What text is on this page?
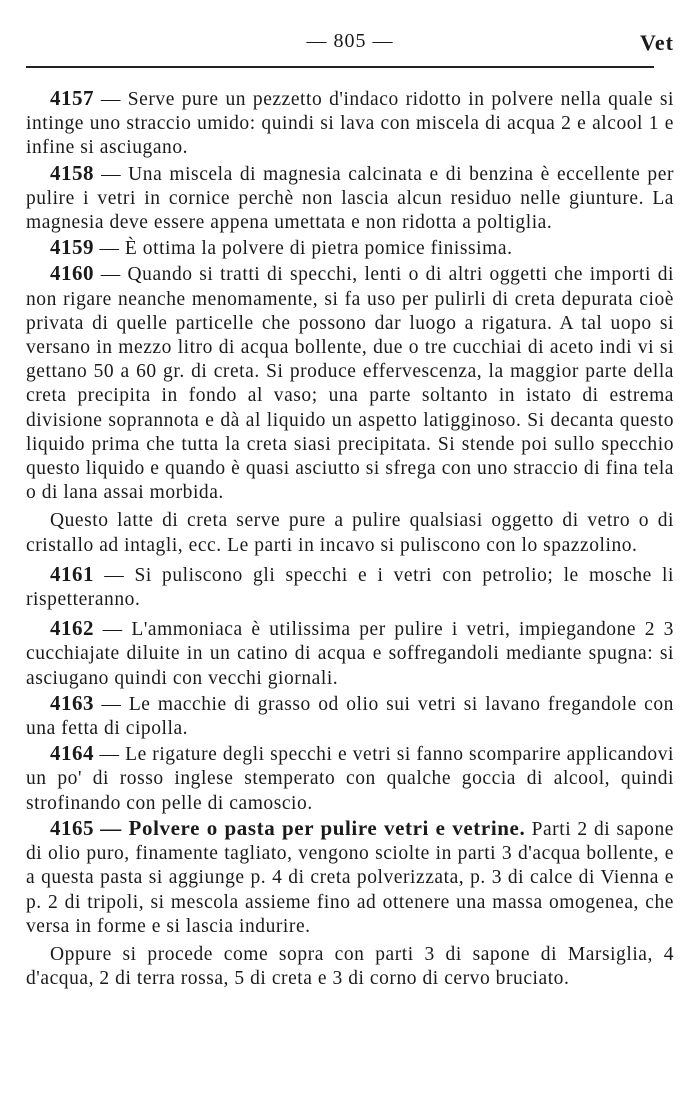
— 805 —	Vet

4157 — Serve pure un pezzetto d'indaco ridotto in polvere nella quale si intinge uno straccio umido: quindi si lava con miscela di acqua 2 e alcool 1 e infine si asciugano.

4158 — Una miscela di magnesia calcinata e di benzina è eccellente per pulire i vetri in cornice perchè non lascia alcun residuo nelle giunture. La magnesia deve essere appena umettata e non ridotta a poltiglia.

4159 — È ottima la polvere di pietra pomice finissima.

4160 — Quando si tratti di specchi, lenti o di altri oggetti che importi di non rigare neanche menomamente, si fa uso per pulirli di creta depurata cioè privata di quelle particelle che possono dar luogo a rigatura. A tal uopo si versano in mezzo litro di acqua bollente, due o tre cucchiai di aceto indi vi si gettano 50 a 60 gr. di creta. Si produce effervescenza, la maggior parte della creta precipita in fondo al vaso; una parte soltanto in istato di estrema divisione soprannota e dà al liquido un aspetto latigginoso. Si decanta questo liquido prima che tutta la creta siasi precipitata. Si stende poi sullo specchio questo liquido e quando è quasi asciutto si sfrega con uno straccio di fina tela o di lana assai morbida.

Questo latte di creta serve pure a pulire qualsiasi oggetto di vetro o di cristallo ad intagli, ecc. Le parti in incavo si puliscono con lo spazzolino.

4161 — Si puliscono gli specchi e i vetri con petrolio; le mosche li rispetteranno.

4162 — L'ammoniaca è utilissima per pulire i vetri, impiegandone 2 3 cucchiajate diluite in un catino di acqua e soffregandoli mediante spugna: si asciugano quindi con vecchi giornali.

4163 — Le macchie di grasso od olio sui vetri si lavano fregandole con una fetta di cipolla.

4164 — Le rigature degli specchi e vetri si fanno scomparire applicandovi un po' di rosso inglese stemperato con qualche goccia di alcool, quindi strofinando con pelle di camoscio.

4165 — Polvere o pasta per pulire vetri e vetrine. Parti 2 di sapone di olio puro, finamente tagliato, vengono sciolte in parti 3 d'acqua bollente, e a questa pasta si aggiunge p. 4 di creta polverizzata, p. 3 di calce di Vienna e p. 2 di tripoli, si mescola assieme fino ad ottenere una massa omogenea, che versa in forme e si lascia indurire.

Oppure si procede come sopra con parti 3 di sapone di Marsiglia, 4 d'acqua, 2 di terra rossa, 5 di creta e 3 di corno di cervo bruciato.
